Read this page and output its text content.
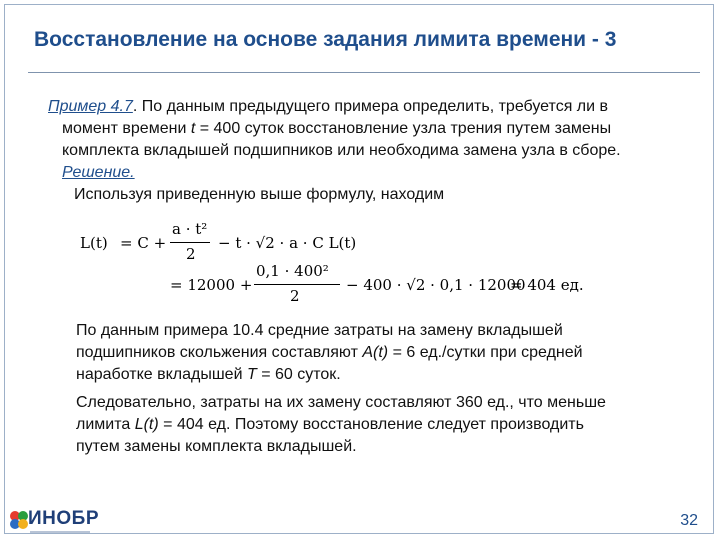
Восстановление на основе задания лимита времени - 3
Пример 4.7. По данным предыдущего примера определить, требуется ли в
момент времени t = 400 суток восстановление узла трения путем замены
комплекта вкладышей подшипников или необходима замена узла в сборе.
Решение.
Используя приведенную выше формулу, находим
L(t) = C +
a · t²
2
− t · √2 · a · C L(t)
= 12000 +
0,1 · 400²
2
− 400 · √2 · 0,1 · 12000
= 404 ед.
По данным примера 10.4 средние затраты на замену вкладышей
подшипников скольжения составляют A(t) = 6 ед./сутки при средней
наработке вкладышей T = 60 суток.
Следовательно, затраты на их замену составляют 360 ед., что меньше
лимита L(t) = 404 ед. Поэтому восстановление следует производить
путем замены комплекта вкладышей.
ИНОБР	32
